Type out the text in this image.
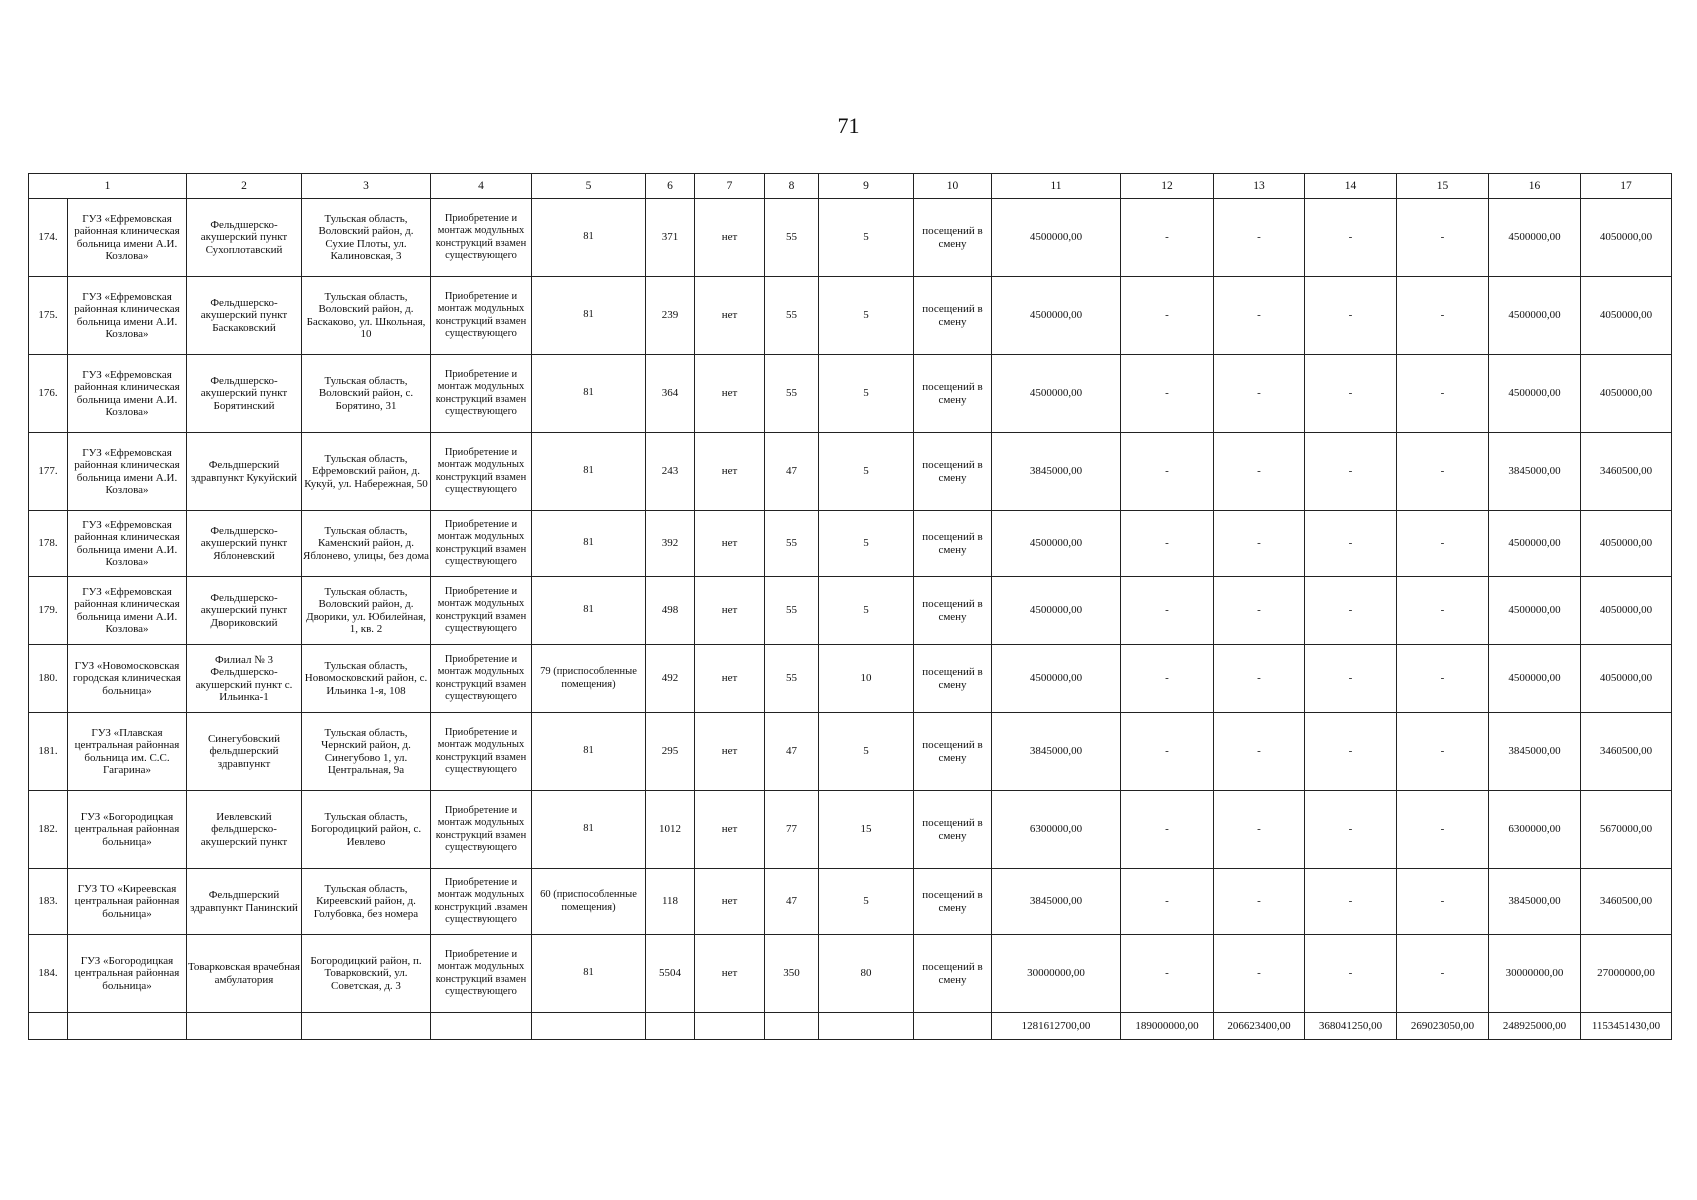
71
1		2	3	4	5	6	7	8	9	10	11	12	13	14	15	16	17
174.	ГУЗ «Ефремовская районная клиническая больница имени А.И. Козлова»	Фельдшерско-акушерский пункт Сухоплотавский	Тульская область, Воловский район, д. Сухие Плоты, ул. Калиновская, 3	Приобретение и монтаж модульных конструкций взамен существующего	81	371	нет	55	5	посещений в смену	4500000,00	-	-	-	-	4500000,00	4050000,00
175.	ГУЗ «Ефремовская районная клиническая больница имени А.И. Козлова»	Фельдшерско-акушерский пункт Баскаковский	Тульская область, Воловский район, д. Баскаково, ул. Школьная, 10	Приобретение и монтаж модульных конструкций взамен существующего	81	239	нет	55	5	посещений в смену	4500000,00	-	-	-	-	4500000,00	4050000,00
176.	ГУЗ «Ефремовская районная клиническая больница имени А.И. Козлова»	Фельдшерско-акушерский пункт Борятинский	Тульская область, Воловский район, с. Борятино, 31	Приобретение и монтаж модульных конструкций взамен существующего	81	364	нет	55	5	посещений в смену	4500000,00	-	-	-	-	4500000,00	4050000,00
177.	ГУЗ «Ефремовская районная клиническая больница имени А.И. Козлова»	Фельдшерский здравпункт Кукуйский	Тульская область, Ефремовский район, д. Кукуй, ул. Набережная, 50	Приобретение и монтаж модульных конструкций взамен существующего	81	243	нет	47	5	посещений в смену	3845000,00	-	-	-	-	3845000,00	3460500,00
178.	ГУЗ «Ефремовская районная клиническая больница имени А.И. Козлова»	Фельдшерско-акушерский пункт Яблоневский	Тульская область, Каменский район, д. Яблонево, улицы, без дома	Приобретение и монтаж модульных конструкций взамен существующего	81	392	нет	55	5	посещений в смену	4500000,00	-	-	-	-	4500000,00	4050000,00
179.	ГУЗ «Ефремовская районная клиническая больница имени А.И. Козлова»	Фельдшерско-акушерский пункт Двориковский	Тульская область, Воловский район, д. Дворики, ул. Юбилейная, 1, кв. 2	Приобретение и монтаж модульных конструкций взамен существующего	81	498	нет	55	5	посещений в смену	4500000,00	-	-	-	-	4500000,00	4050000,00
180.	ГУЗ «Новомосковская городская клиническая больница»	Филиал № 3 Фельдшерско-акушерский пункт с. Ильинка-1	Тульская область, Новомосковский район, с. Ильинка 1-я, 108	Приобретение и монтаж модульных конструкций взамен существующего	79 (приспособленные помещения)	492	нет	55	10	посещений в смену	4500000,00	-	-	-	-	4500000,00	4050000,00
181.	ГУЗ «Плавская центральная районная больница им. С.С. Гагарина»	Синегубовский фельдшерский здравпункт	Тульская область, Чернский район, д. Синегубово 1, ул. Центральная, 9а	Приобретение и монтаж модульных конструкций взамен существующего	81	295	нет	47	5	посещений в смену	3845000,00	-	-	-	-	3845000,00	3460500,00
182.	ГУЗ «Богородицкая центральная районная больница»	Иевлевский фельдшерско-акушерский пункт	Тульская область, Богородицкий район, с. Иевлево	Приобретение и монтаж модульных конструкций взамен существующего	81	1012	нет	77	15	посещений в смену	6300000,00	-	-	-	-	6300000,00	5670000,00
183.	ГУЗ ТО «Киреевская центральная районная больница»	Фельдшерский здравпункт Панинский	Тульская область, Киреевский район, д. Голубовка, без номера	Приобретение и монтаж модульных конструкций .взамен существующего	60 (приспособленные помещения)	118	нет	47	5	посещений в смену	3845000,00	-	-	-	-	3845000,00	3460500,00
184.	ГУЗ «Богородицкая центральная районная больница»	Товарковская врачебная амбулатория	Богородицкий район, п. Товарковский, ул. Советская, д. 3	Приобретение и монтаж модульных конструкций взамен существующего	81	5504	нет	350	80	посещений в смену	30000000,00	-	-	-	-	30000000,00	27000000,00
											1281612700,00	189000000,00	206623400,00	368041250,00	269023050,00	248925000,00	1153451430,00
